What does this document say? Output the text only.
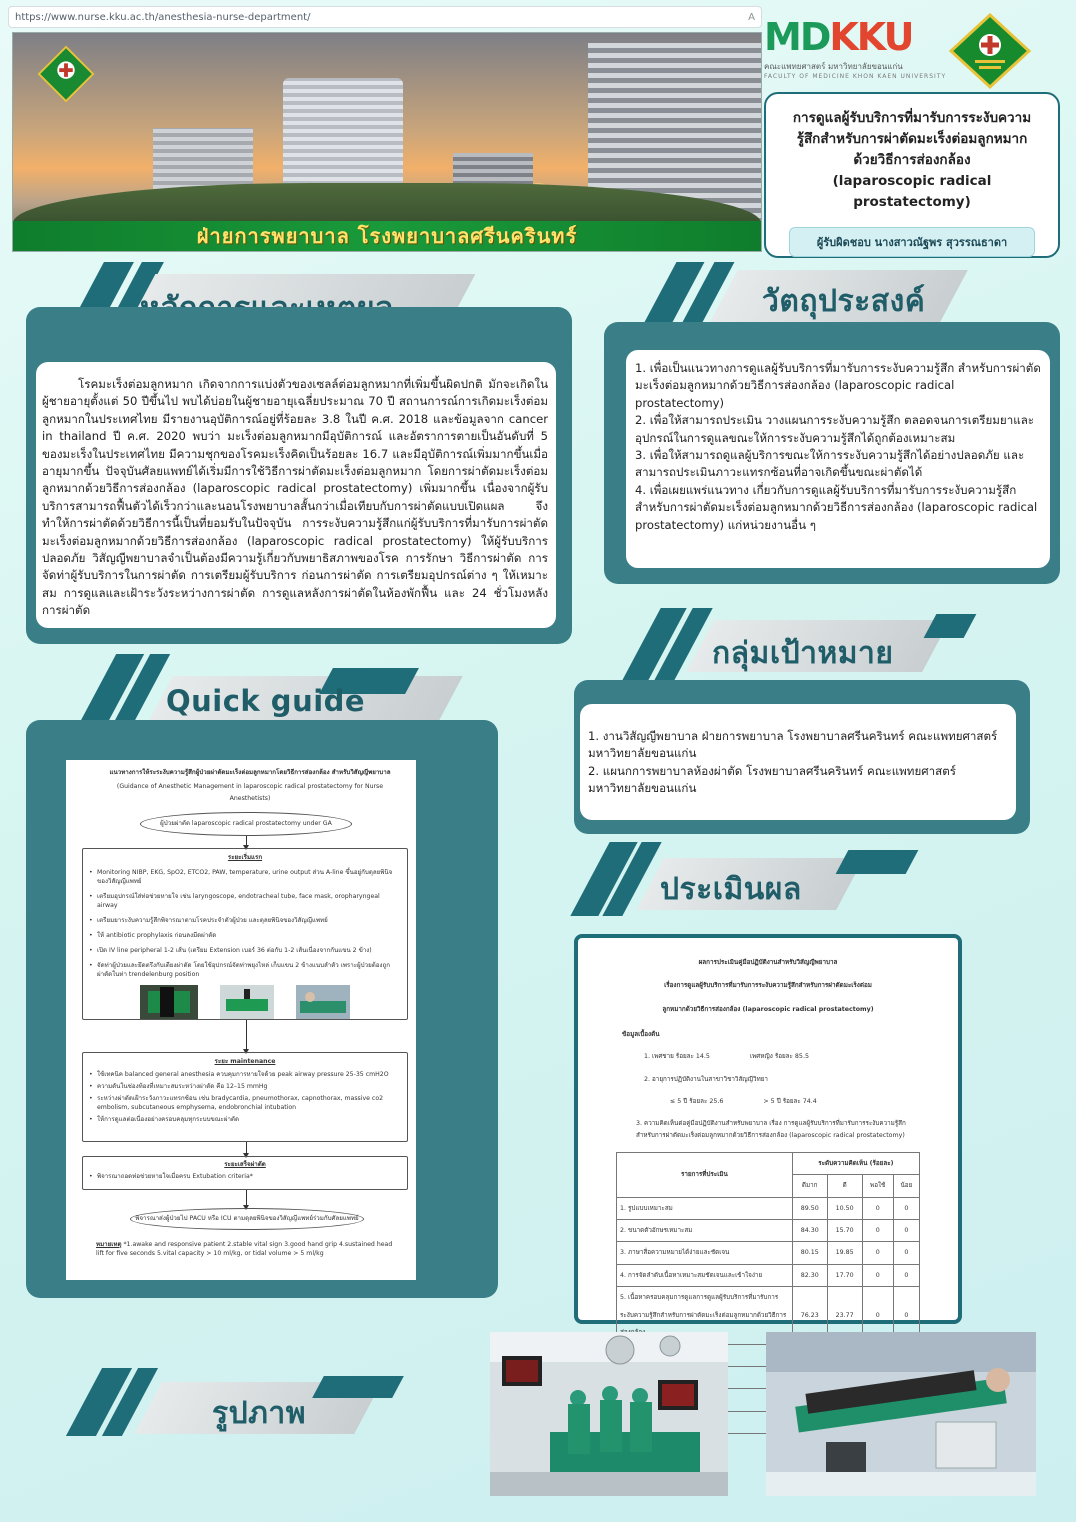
https://www.nurse.kku.ac.th/anesthesia-nurse-department/	A
ฝ่ายการพยาบาล โรงพยาบาลศรีนครินทร์
MDKKU
คณะแพทยศาสตร์ มหาวิทยาลัยขอนแก่น
FACULTY OF MEDICINE KHON KAEN UNIVERSITY
การดูแลผู้รับบริการที่มารับการระงับความ
รู้สึกสำหรับการผ่าตัดมะเร็งต่อมลูกหมาก
ด้วยวิธีการส่องกล้อง
(laparoscopic radical prostatectomy)
ผู้รับผิดชอบ นางสาวณัฐพร สุวรรณธาดา

โรคมะเร็งต่อมลูกหมาก เกิดจากการแบ่งตัวของเซลล์ต่อมลูกหมากที่เพิ่มขึ้นผิดปกติ มักจะเกิดในผู้ชายอายุตั้งแต่ 50 ปีขึ้นไป พบได้บ่อยในผู้ชายอายุเฉลี่ยประมาณ 70 ปี สถานการณ์การเกิดมะเร็งต่อมลูกหมากในประเทศไทย มีรายงานอุบัติการณ์อยู่ที่ร้อยละ 3.8 ในปี ค.ศ. 2018 และข้อมูลจาก cancer in thailand ปี ค.ศ. 2020 พบว่า มะเร็งต่อมลูกหมากมีอุบัติการณ์ และอัตราการตายเป็นอันดับที่ 5 ของมะเร็งในประเทศไทย มีความชุกของโรคมะเร็งคิดเป็นร้อยละ 16.7 และมีอุบัติการณ์เพิ่มมากขึ้นเมื่ออายุมากขึ้น ปัจจุบันศัลยแพทย์ได้เริ่มมีการใช้วิธีการผ่าตัดมะเร็งต่อมลูกหมาก โดยการผ่าตัดมะเร็งต่อมลูกหมากด้วยวิธีการส่องกล้อง (laparoscopic radical prostatectomy) เพิ่มมากขึ้น เนื่องจากผู้รับบริการสามารถฟื้นตัวได้เร็วกว่าและนอนโรงพยาบาลสั้นกว่าเมื่อเทียบกับการผ่าตัดแบบเปิดแผล จึงทำให้การผ่าตัดด้วยวิธีการนี้เป็นที่ยอมรับในปัจจุบัน การระงับความรู้สึกแก่ผู้รับบริการที่มารับการผ่าตัดมะเร็งต่อมลูกหมากด้วยวิธีการส่องกล้อง (laparoscopic radical prostatectomy) ให้ผู้รับบริการปลอดภัย วิสัญญีพยาบาลจำเป็นต้องมีความรู้เกี่ยวกับพยาธิสภาพของโรค การรักษา วิธีการผ่าตัด การจัดท่าผู้รับบริการในการผ่าตัด การเตรียมผู้รับบริการ ก่อนการผ่าตัด การเตรียมอุปกรณ์ต่าง ๆ ให้เหมาะสม การดูแลและเฝ้าระวังระหว่างการผ่าตัด การดูแลหลังการผ่าตัดในห้องพักฟื้น และ 24 ชั่วโมงหลังการผ่าตัด

วัตถุประสงค์

1. เพื่อเป็นแนวทางการดูแลผู้รับบริการที่มารับการระงับความรู้สึก สำหรับการผ่าตัดมะเร็งต่อมลูกหมากด้วยวิธีการส่องกล้อง (laparoscopic radical prostatectomy)

2. เพื่อให้สามารถประเมิน วางแผนการระงับความรู้สึก ตลอดจนการเตรียมยาและอุปกรณ์ในการดูแลขณะให้การระงับความรู้สึกได้ถูกต้องเหมาะสม

3. เพื่อให้สามารถดูแลผู้บริการขณะให้การระงับความรู้สึกได้อย่างปลอดภัย และสามารถประเมินภาวะแทรกซ้อนที่อาจเกิดขึ้นขณะผ่าตัดได้

4. เพื่อเผยแพร่แนวทาง เกี่ยวกับการดูแลผู้รับบริการที่มารับการระงับความรู้สึกสำหรับการผ่าตัดมะเร็งต่อมลูกหมากด้วยวิธีการส่องกล้อง (laparoscopic radical prostatectomy) แก่หน่วยงานอื่น ๆ

กลุ่มเป้าหมาย

1. งานวิสัญญีพยาบาล ฝ่ายการพยาบาล โรงพยาบาลศรีนครินทร์ คณะแพทยศาสตร์ มหาวิทยาลัยขอนแก่น

2. แผนกการพยาบาลห้องผ่าตัด โรงพยาบาลศรีนครินทร์ คณะแพทยศาสตร์ มหาวิทยาลัยขอนแก่น

Quick guide
แนวทางการให้ระระงับความรู้สึกผู้ป่วยผ่าตัดมะเร็งต่อมลูกหมากโดยวิธีการส่องกล้อง สำหรับวิสัญญีพยาบาล
(Guidance of Anesthetic Management in laparoscopic radical prostatectomy for Nurse
Anesthetists)
ผู้ป่วยผ่าตัด laparoscopic radical prostatectomy under GA
ระยะเริ่มแรก
• Monitoring NIBP, EKG, SpO2, ETCO2, PAW, temperature, urine output ส่วน A-line ขึ้นอยู่กับดุลยพินิจของวิสัญญีแพทย์
• เตรียมอุปกรณ์ใส่ท่อช่วยหายใจ เช่น laryngoscope, endotracheal tube, face mask, oropharyngeal airway
• เตรียมยาระงับความรู้สึกพิจารณาตามโรคประจำตัวผู้ป่วย และดุลยพินิจของวิสัญญีแพทย์
• ให้ antibiotic prophylaxis ก่อนลงมีดผ่าตัด
• เปิด IV line peripheral 1-2 เส้น (เตรียม Extension เบอร์ 36 ต่อกับ 1-2 เส้นเนื่องจากกันแขน 2 ข้าง)
• จัดท่าผู้ป่วยและยึดตรึงกับเตียงผ่าตัด โดยใช้อุปกรณ์จัดท่าพยุงไหล่ เก็บแขน 2 ข้างแนบลำตัว เพราะผู้ป่วยต้องถูกผ่าตัดในท่า trendelenburg position
ระยะ maintenance
• ใช้เทคนิค balanced general anesthesia ควบคุมการหายใจด้วย peak airway pressure 25-35 cmH2O
• ความดันในช่องท้องที่เหมาะสมระหว่างผ่าตัด คือ 12–15 mmHg
• ระหว่างผ่าตัดเฝ้าระวังภาวะแทรกซ้อน เช่น bradycardia, pneumothorax, capnothorax, massive co2 embolism, subcutaneous emphysema, endobronchial intubation
• ให้การดูแลต่อเนื่องอย่างครอบคลุมทุกระบบขณะผ่าตัด
ระยะเสร็จผ่าตัด
• พิจารณาถอดท่อช่วยหายใจเมื่อครบ Extubation criteria*
พิจารณาส่งผู้ป่วยไป PACU หรือ ICU ตามดุลยพินิจของวิสัญญีแพทย์ร่วมกับศัลยแพทย์
หมายเหตุ *1.awake and responsive patient 2.stable vital sign 3.good hand grip 4.sustained head lift for five seconds 5.vital capacity > 10 ml/kg, or tidal volume > 5 ml/kg
ประเมินผล
ผลการประเมินคู่มือปฏิบัติงานสำหรับวิสัญญีพยาบาล
เรื่องการดูแลผู้รับบริการที่มารับการระงับความรู้สึกสำหรับการผ่าตัดมะเร็งต่อม
ลูกหมากด้วยวิธีการส่องกล้อง (laparoscopic radical prostatectomy)
ข้อมูลเบื้องต้น
1. เพศชาย ร้อยละ 14.5	เพศหญิง ร้อยละ 85.5
2. อายุการปฏิบัติงานในสาขาวิชาวิสัญญีวิทยา
≤ 5 ปี ร้อยละ 25.6	> 5 ปี ร้อยละ 74.4
3. ความคิดเห็นต่อคู่มือปฏิบัติงานสำหรับพยาบาล เรื่อง การดูแลผู้รับบริการที่มารับการระงับความรู้สึกสำหรับการผ่าตัดมะเร็งต่อมลูกหมากด้วยวิธีการส่องกล้อง (laparoscopic radical prostatectomy)
รายการที่ประเมิน	ระดับความคิดเห็น (ร้อยละ)			
	ดีมาก	ดี	พอใช้	น้อย
1. รูปแบบเหมาะสม	89.50	10.50	0	0
2. ขนาดตัวอักษรเหมาะสม	84.30	15.70	0	0
3. ภาษาสื่อความหมายได้ง่ายและชัดเจน	80.15	19.85	0	0
4. การจัดลำดับเนื้อหาเหมาะสมชัดเจนและเข้าใจง่าย	82.30	17.70	0	0
5. เนื้อหาครอบคลุมการดูแลการดูแลผู้รับบริการที่มารับการระงับความรู้สึกสำหรับการผ่าตัดมะเร็งต่อมลูกหมากด้วยวิธีการ	76.23	23.77	0	0

รูปภาพ
